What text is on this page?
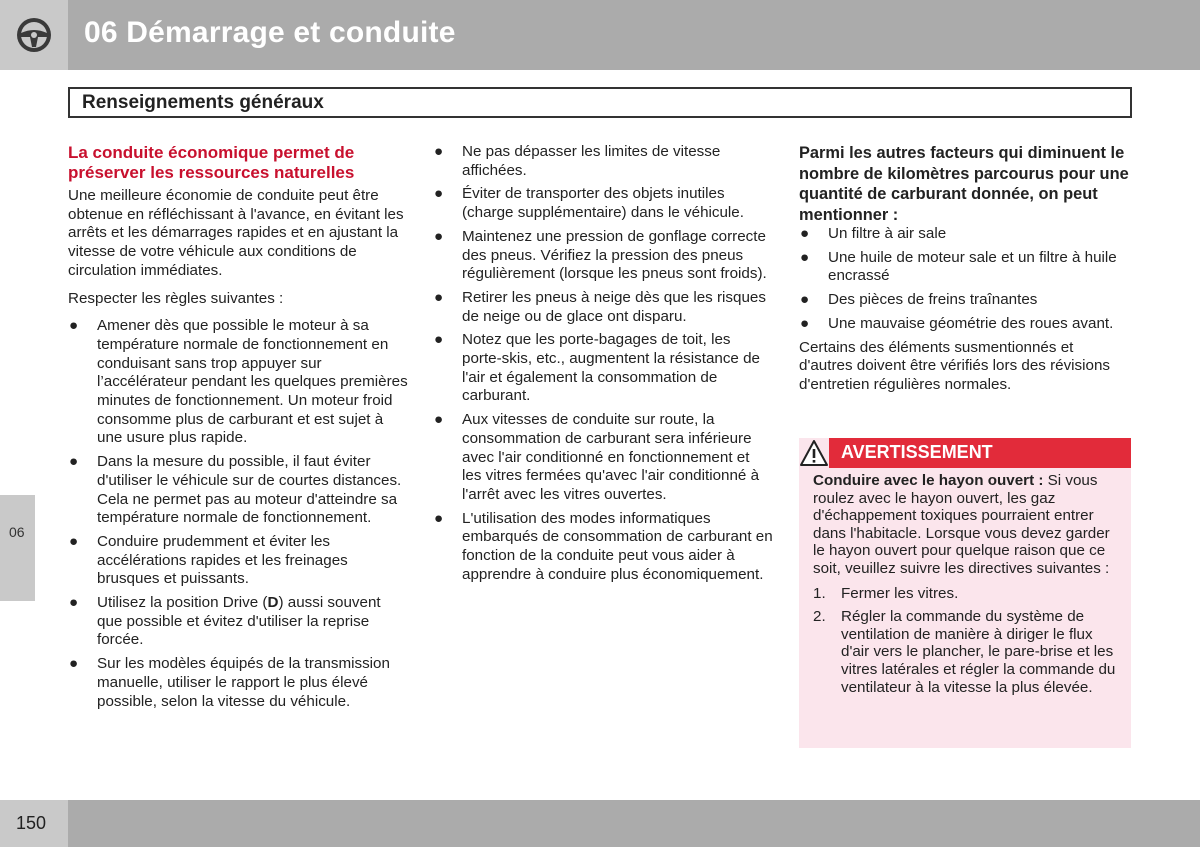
06 Démarrage et conduite
Renseignements généraux
06
La conduite économique permet de
préserver les ressources naturelles

Une meilleure économie de conduite peut être obtenue en réfléchissant à l'avance, en évitant les arrêts et les démarrages rapides et en ajustant la vitesse de votre véhicule aux conditions de circulation immédiates.

Respecter les règles suivantes :

● Amener dès que possible le moteur à sa température normale de fonctionnement en conduisant sans trop appuyer sur l’accélérateur pendant les quelques premières minutes de fonctionnement. Un moteur froid consomme plus de carburant et est sujet à une usure plus rapide.
● Dans la mesure du possible, il faut éviter d'utiliser le véhicule sur de courtes distances. Cela ne permet pas au moteur d'atteindre sa température normale de fonctionnement.
● Conduire prudemment et éviter les accélérations rapides et les freinages brusques et puissants.
● Utilisez la position Drive (D) aussi souvent que possible et évitez d'utiliser la reprise forcée.
● Sur les modèles équipés de la transmission manuelle, utiliser le rapport le plus élevé possible, selon la vitesse du véhicule.
● Ne pas dépasser les limites de vitesse affichées.
● Éviter de transporter des objets inutiles (charge supplémentaire) dans le véhicule.
● Maintenez une pression de gonflage correcte des pneus. Vérifiez la pression des pneus régulièrement (lorsque les pneus sont froids).
● Retirer les pneus à neige dès que les risques de neige ou de glace ont disparu.
● Notez que les porte-bagages de toit, les porte-skis, etc., augmentent la résistance de l'air et également la consommation de carburant.
● Aux vitesses de conduite sur route, la consommation de carburant sera inférieure avec l'air conditionné en fonctionnement et les vitres fermées qu'avec l'air conditionné à l'arrêt avec les vitres ouvertes.
● L'utilisation des modes informatiques embarqués de consommation de carburant en fonction de la conduite peut vous aider à apprendre à conduire plus économiquement.
Parmi les autres facteurs qui diminuent le nombre de kilomètres parcourus pour une quantité de carburant donnée, on peut mentionner :
● Un filtre à air sale
● Une huile de moteur sale et un filtre à huile encrassé
● Des pièces de freins traînantes
● Une mauvaise géométrie des roues avant.

Certains des éléments susmentionnés et d'autres doivent être vérifiés lors des révisions d'entretien régulières normales.

AVERTISSEMENT

Conduire avec le hayon ouvert : Si vous roulez avec le hayon ouvert, les gaz d'échappement toxiques pourraient entrer dans l'habitacle. Lorsque vous devez garder le hayon ouvert pour quelque raison que ce soit, veuillez suivre les directives suivantes :

1. Fermer les vitres.
2. Régler la commande du système de ventilation de manière à diriger le flux d'air vers le plancher, le pare-brise et les vitres latérales et régler la commande du ventilateur à la vitesse la plus élevée.
150
